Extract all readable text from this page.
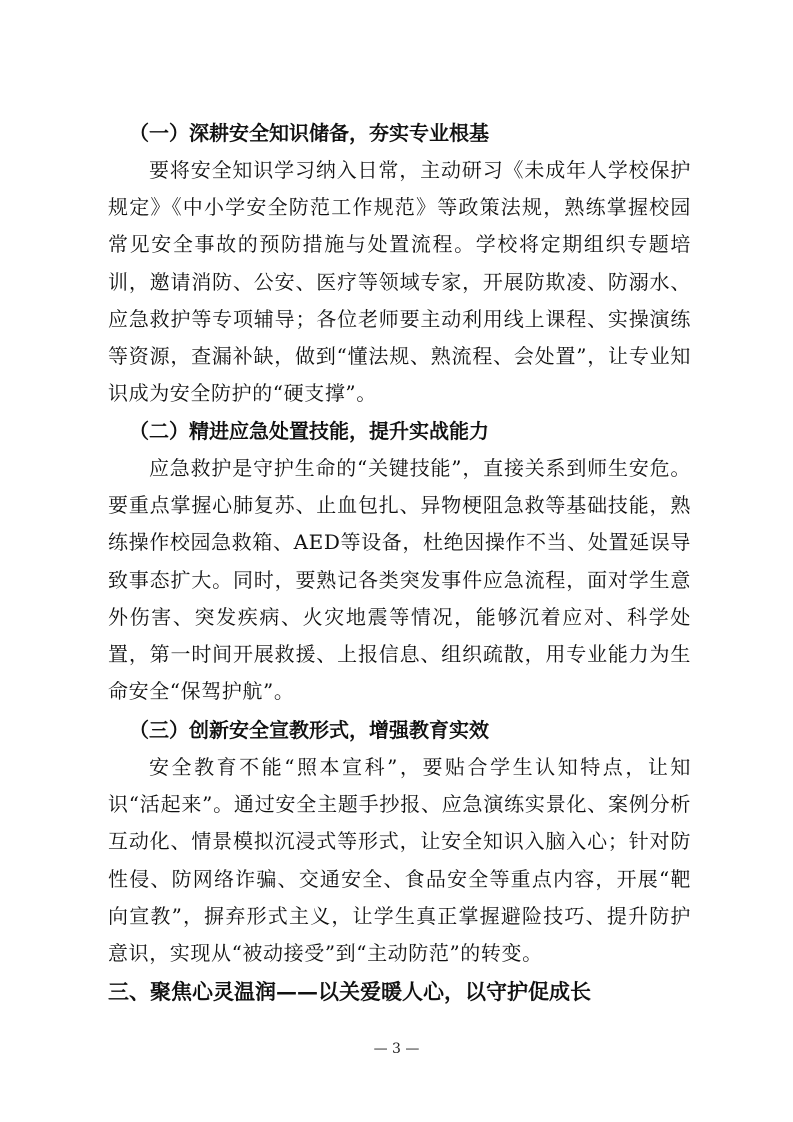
（一）深耕安全知识储备，夯实专业根基
要将安全知识学习纳入日常，主动研习《未成年人学校保护规定》《中小学安全防范工作规范》等政策法规，熟练掌握校园常见安全事故的预防措施与处置流程。学校将定期组织专题培训，邀请消防、公安、医疗等领域专家，开展防欺凌、防溺水、应急救护等专项辅导；各位老师要主动利用线上课程、实操演练等资源，查漏补缺，做到“懂法规、熟流程、会处置”，让专业知识成为安全防护的“硬支撑”。
（二）精进应急处置技能，提升实战能力
应急救护是守护生命的“关键技能”，直接关系到师生安危。要重点掌握心肺复苏、止血包扎、异物梗阻急救等基础技能，熟练操作校园急救箱、AED等设备，杜绝因操作不当、处置延误导致事态扩大。同时，要熟记各类突发事件应急流程，面对学生意外伤害、突发疾病、火灾地震等情况，能够沉着应对、科学处置，第一时间开展救援、上报信息、组织疏散，用专业能力为生命安全“保驾护航”。
（三）创新安全宣教形式，增强教育实效
安全教育不能“照本宣科”，要贴合学生认知特点，让知识“活起来”。通过安全主题手抄报、应急演练实景化、案例分析互动化、情景模拟沉浸式等形式，让安全知识入脑入心；针对防性侵、防网络诈骗、交通安全、食品安全等重点内容，开展“靶向宣教”，摒弃形式主义，让学生真正掌握避险技巧、提升防护意识，实现从“被动接受”到“主动防范”的转变。
三、聚焦心灵温润——以关爱暖人心，以守护促成长
— 3 —
